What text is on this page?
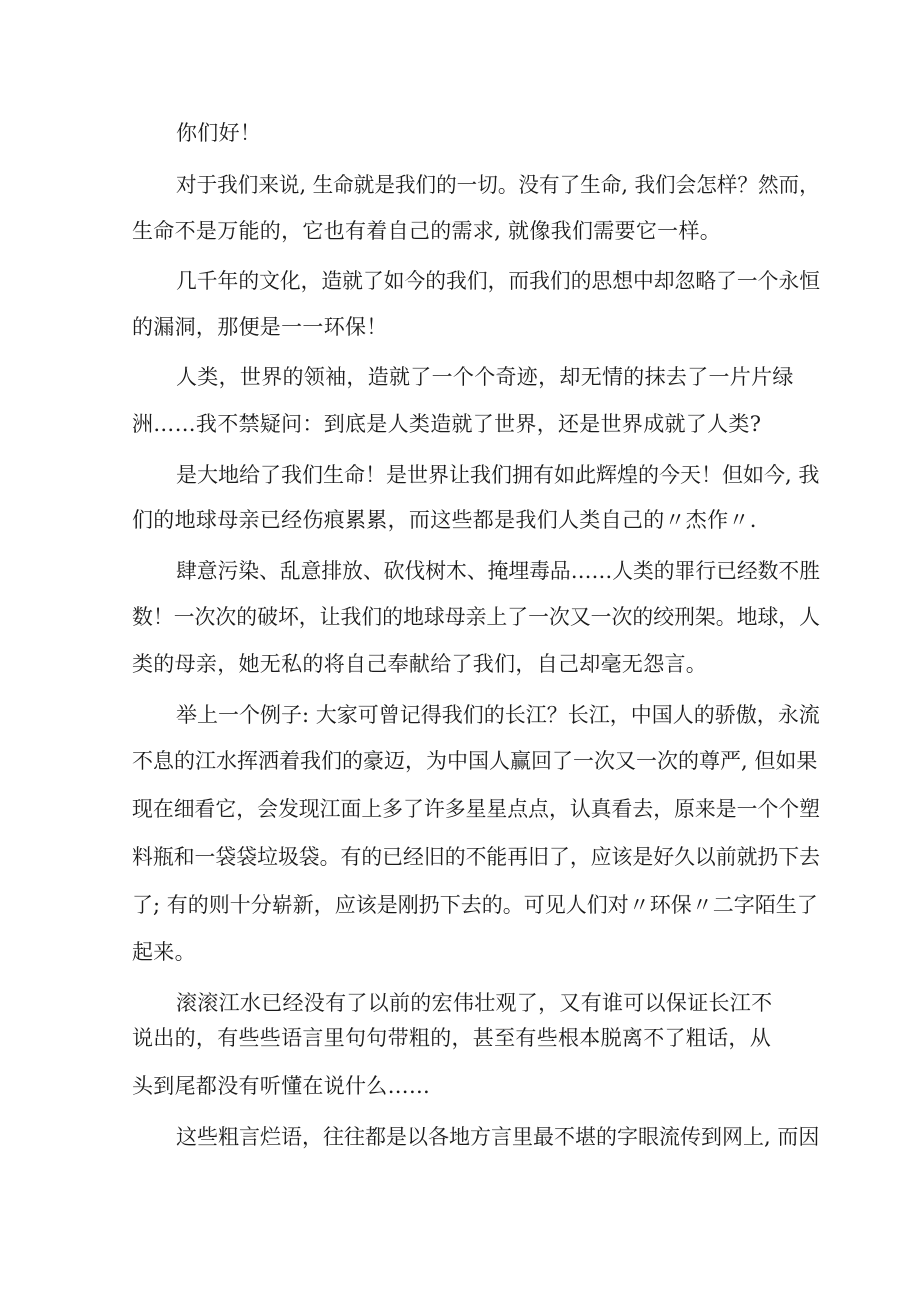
你们好！
对于我们来说, 生命就是我们的一切。没有了生命, 我们会怎样？然而，
生命不是万能的，它也有着自己的需求, 就像我们需要它一样。
几千年的文化，造就了如今的我们，而我们的思想中却忽略了一个永恒
的漏洞，那便是一一环保！
人类，世界的领袖，造就了一个个奇迹，却无情的抹去了一片片绿
洲……我不禁疑问：到底是人类造就了世界，还是世界成就了人类?
是大地给了我们生命！是世界让我们拥有如此辉煌的今天！但如今, 我
们的地球母亲已经伤痕累累，而这些都是我们人类自己的〃杰作〃.
肆意污染、乱意排放、砍伐树木、掩埋毒品……人类的罪行已经数不胜
数！一次次的破坏，让我们的地球母亲上了一次又一次的绞刑架。地球，人
类的母亲，她无私的将自己奉献给了我们，自己却毫无怨言。
举上一个例子: 大家可曾记得我们的长江？长江，中国人的骄傲，永流
不息的江水挥洒着我们的豪迈，为中国人赢回了一次又一次的尊严, 但如果
现在细看它，会发现江面上多了许多星星点点，认真看去，原来是一个个塑
料瓶和一袋袋垃圾袋。有的已经旧的不能再旧了，应该是好久以前就扔下去
了; 有的则十分崭新，应该是刚扔下去的。可见人们对〃环保〃二字陌生了
起来。
滚滚江水已经没有了以前的宏伟壮观了，又有谁可以保证长江不
说出的，有些些语言里句句带粗的，甚至有些根本脱离不了粗话，从
头到尾都没有听懂在说什么……
这些粗言烂语，往往都是以各地方言里最不堪的字眼流传到网上, 而因
